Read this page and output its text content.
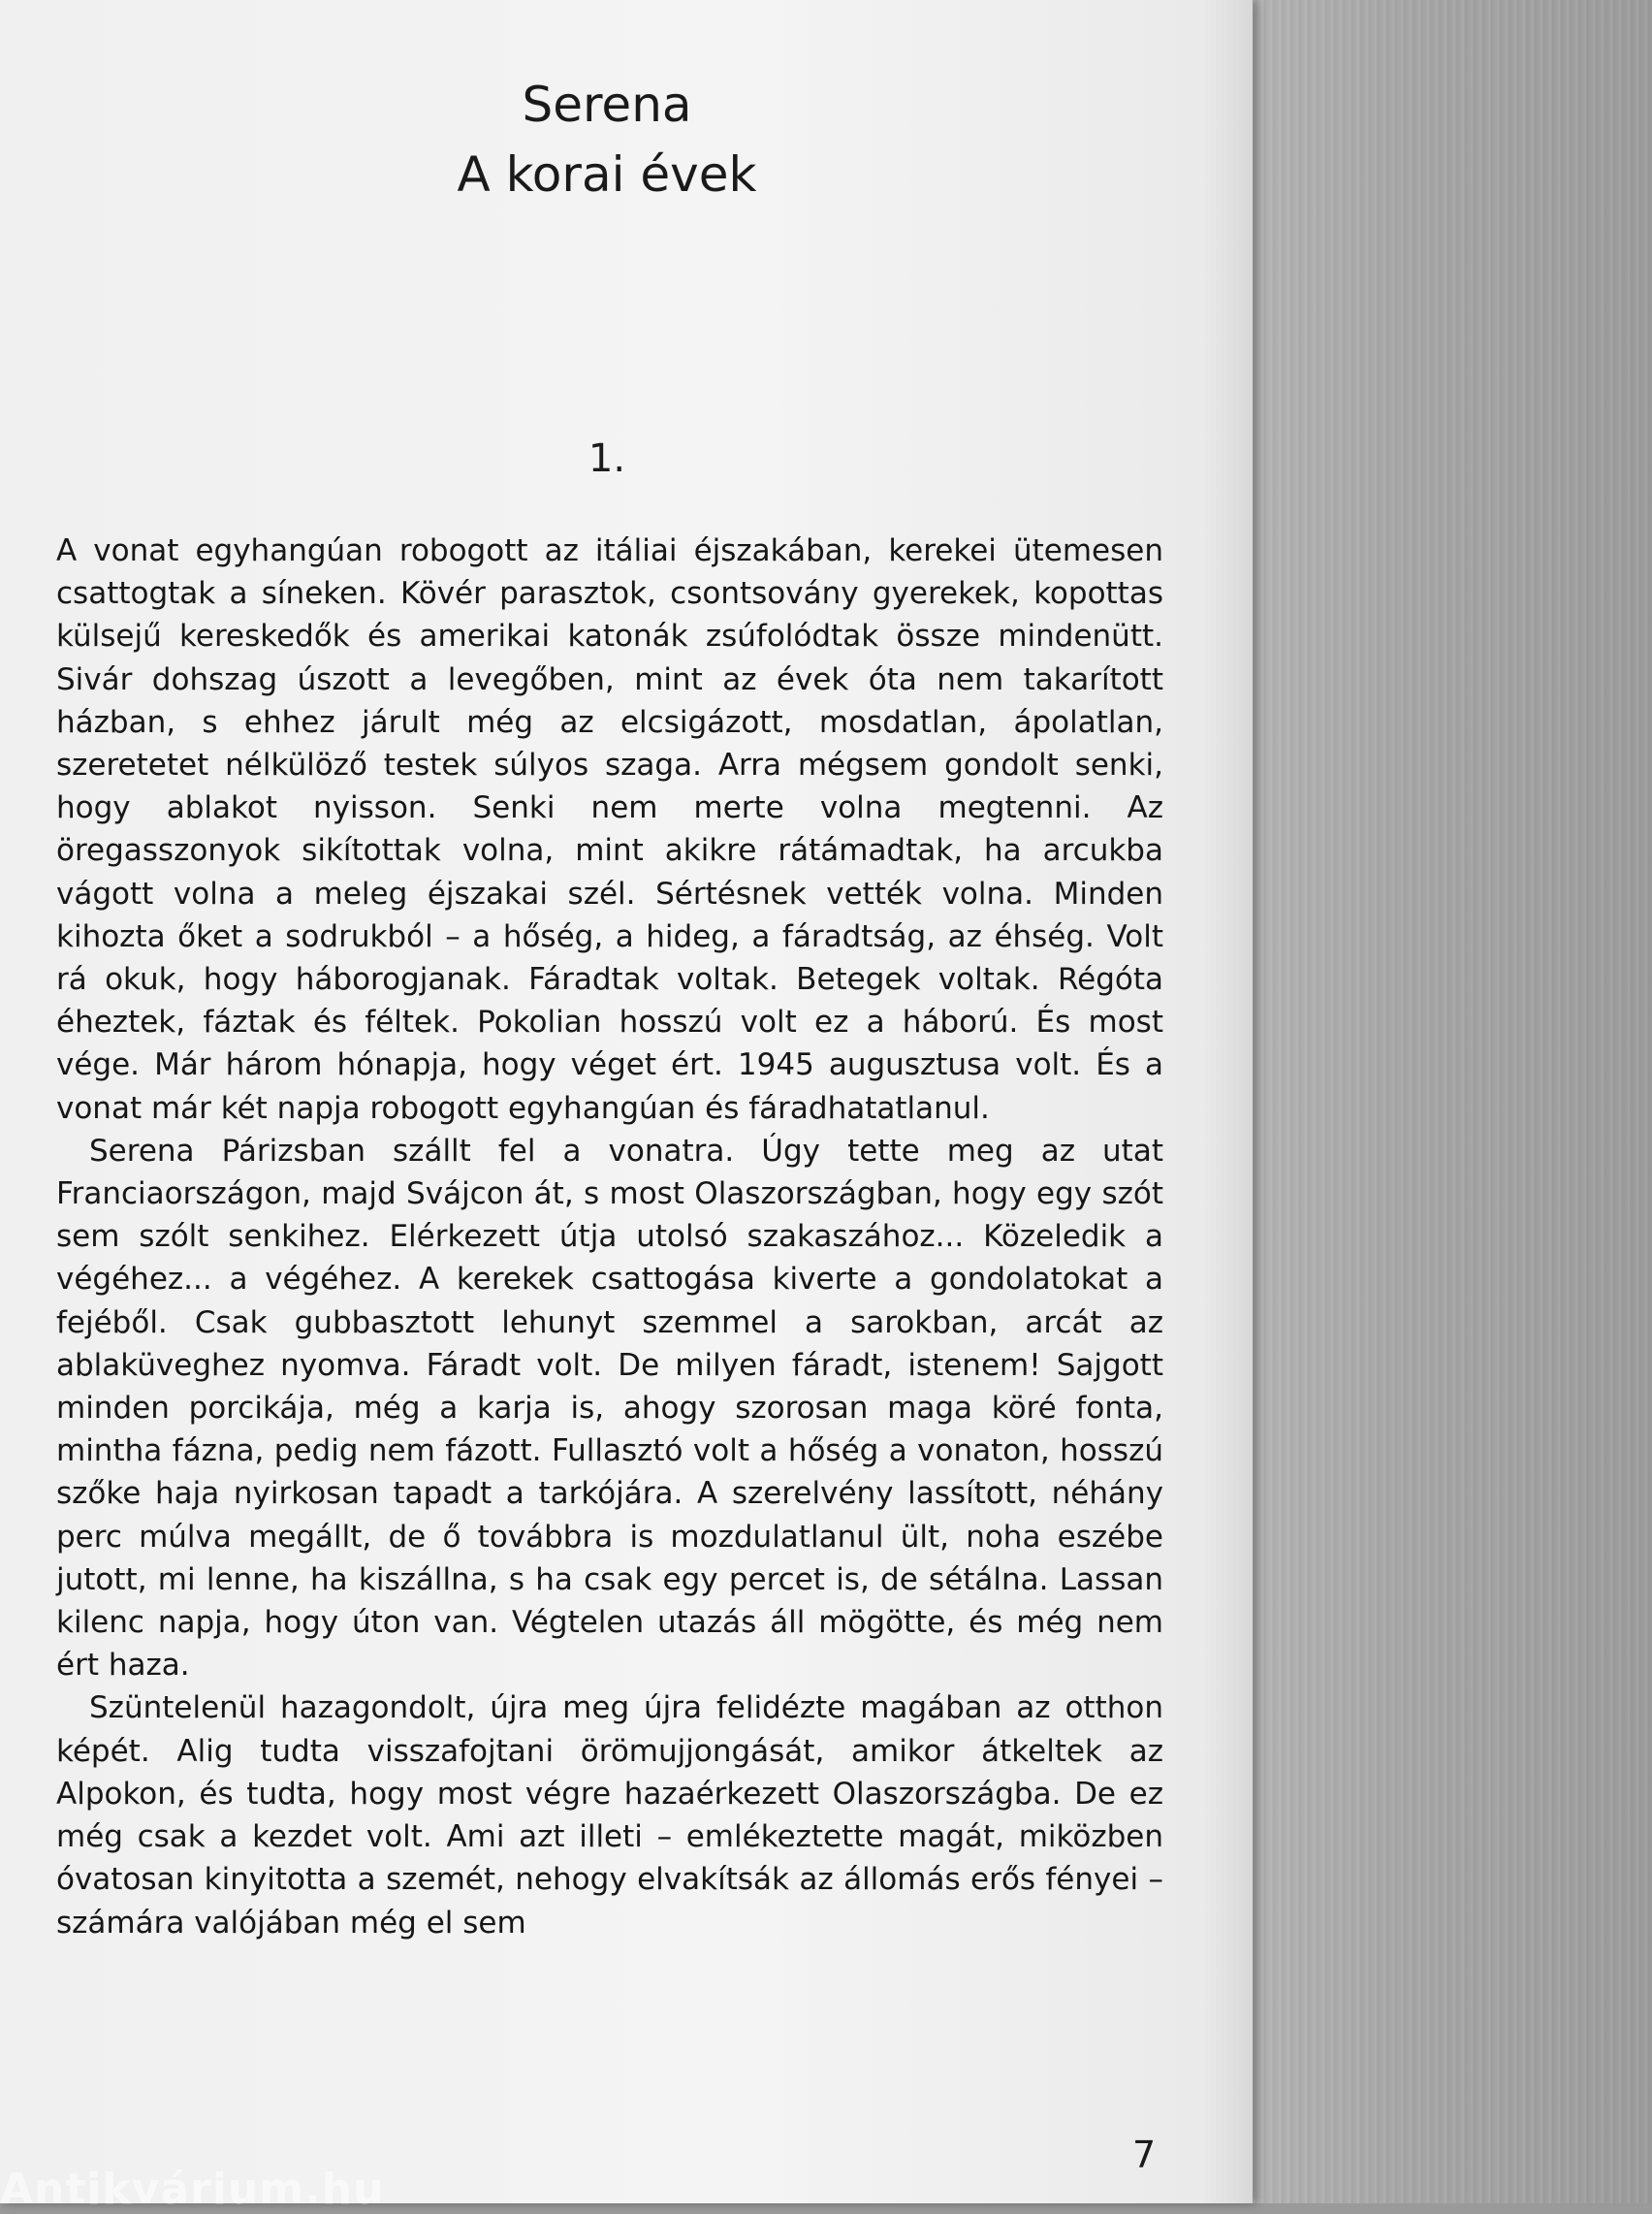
Serena
A korai évek
1.

A vonat egyhangúan robogott az itáliai éjszakában, kerekei ütemesen csattogtak a síneken. Kövér parasztok, csontsovány gyerekek, kopottas külsejű kereskedők és amerikai katonák zsúfolódtak össze mindenütt. Sivár dohszag úszott a levegőben, mint az évek óta nem takarított házban, s ehhez járult még az elcsigázott, mosdatlan, ápolatlan, szeretetet nélkülöző testek súlyos szaga. Arra mégsem gondolt senki, hogy ablakot nyisson. Senki nem merte volna megtenni. Az öregasszonyok sikítottak volna, mint akikre rátámadtak, ha arcukba vágott volna a meleg éjszakai szél. Sértésnek vették volna. Minden kihozta őket a sodrukból – a hőség, a hideg, a fáradtság, az éhség. Volt rá okuk, hogy háborogjanak. Fáradtak voltak. Betegek voltak. Régóta éheztek, fáztak és féltek. Pokolian hosszú volt ez a háború. És most vége. Már három hónapja, hogy véget ért. 1945 augusztusa volt. És a vonat már két napja robogott egyhangúan és fáradhatatlanul.

Serena Párizsban szállt fel a vonatra. Úgy tette meg az utat Franciaországon, majd Svájcon át, s most Olaszországban, hogy egy szót sem szólt senkihez. Elérkezett útja utolsó szakaszához... Közeledik a végéhez... a végéhez. A kerekek csattogása kiverte a gondolatokat a fejéből. Csak gubbasztott lehunyt szemmel a sarokban, arcát az ablaküveghez nyomva. Fáradt volt. De milyen fáradt, istenem! Sajgott minden porcikája, még a karja is, ahogy szorosan maga köré fonta, mintha fázna, pedig nem fázott. Fullasztó volt a hőség a vonaton, hosszú szőke haja nyirkosan tapadt a tarkójára. A szerelvény lassított, néhány perc múlva megállt, de ő továbbra is mozdulatlanul ült, noha eszébe jutott, mi lenne, ha kiszállna, s ha csak egy percet is, de sétálna. Lassan kilenc napja, hogy úton van. Végtelen utazás áll mögötte, és még nem ért haza.

Szüntelenül hazagondolt, újra meg újra felidézte magában az otthon képét. Alig tudta visszafojtani örömujjongását, amikor átkeltek az Alpokon, és tudta, hogy most végre hazaérkezett Olaszországba. De ez még csak a kezdet volt. Ami azt illeti – emlékeztette magát, miközben óvatosan kinyitotta a szemét, nehogy elvakítsák az állomás erős fényei – számára valójában még el sem

7
Antikvárium.hu
